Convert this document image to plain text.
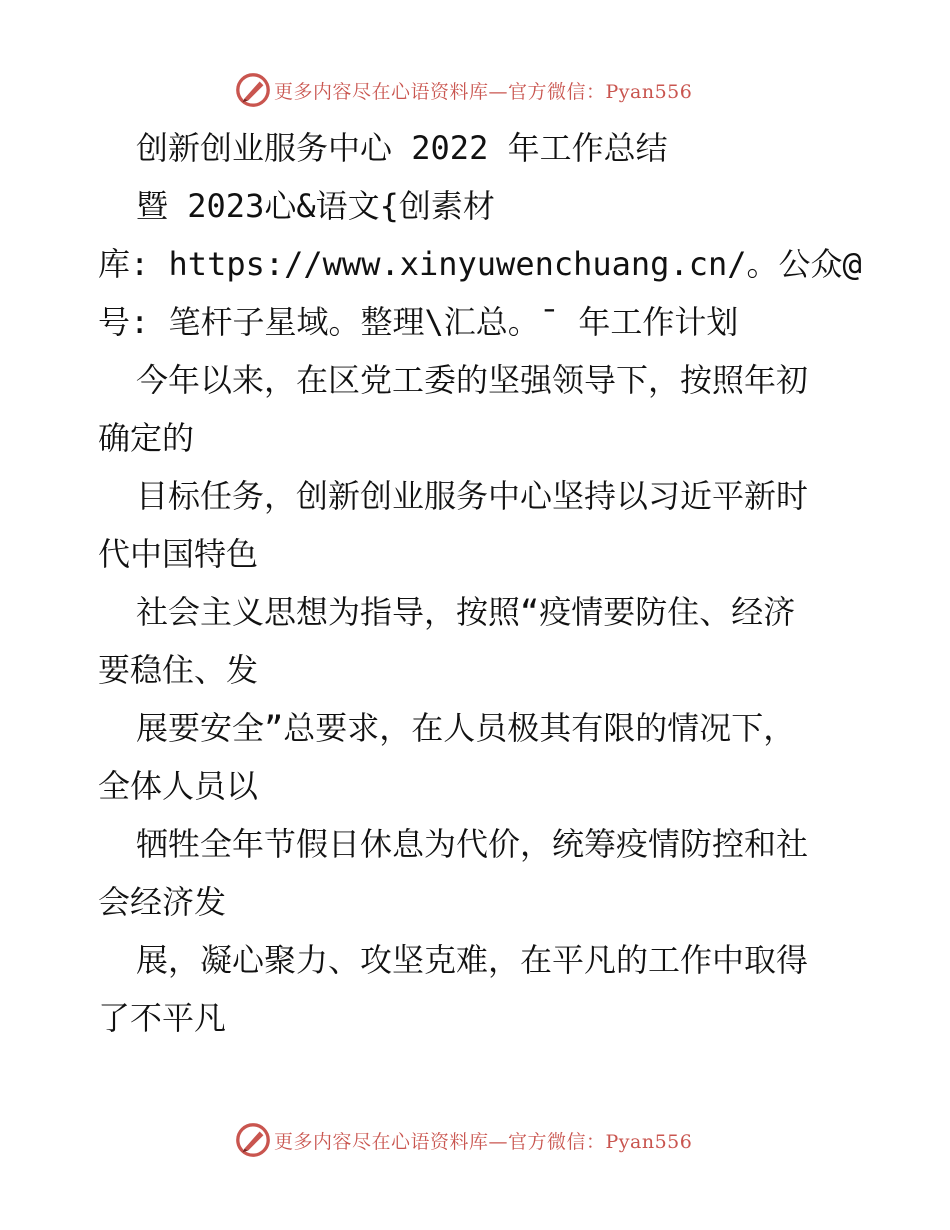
更多内容尽在心语资料库—官方微信：Pyan556
创新创业服务中心 2022 年工作总结
暨 2023心&语文{创素材
库: https://www.xinyuwenchuang.cn/。公众@
号: 笔杆子星域。整理\汇总。¯ 年工作计划
今年以来，在区党工委的坚强领导下，按照年初
确定的
目标任务，创新创业服务中心坚持以习近平新时
代中国特色
社会主义思想为指导，按照“疫情要防住、经济
要稳住、发
展要安全”总要求，在人员极其有限的情况下，
全体人员以
牺牲全年节假日休息为代价，统筹疫情防控和社
会经济发
展，凝心聚力、攻坚克难，在平凡的工作中取得
了不平凡
更多内容尽在心语资料库—官方微信：Pyan556
